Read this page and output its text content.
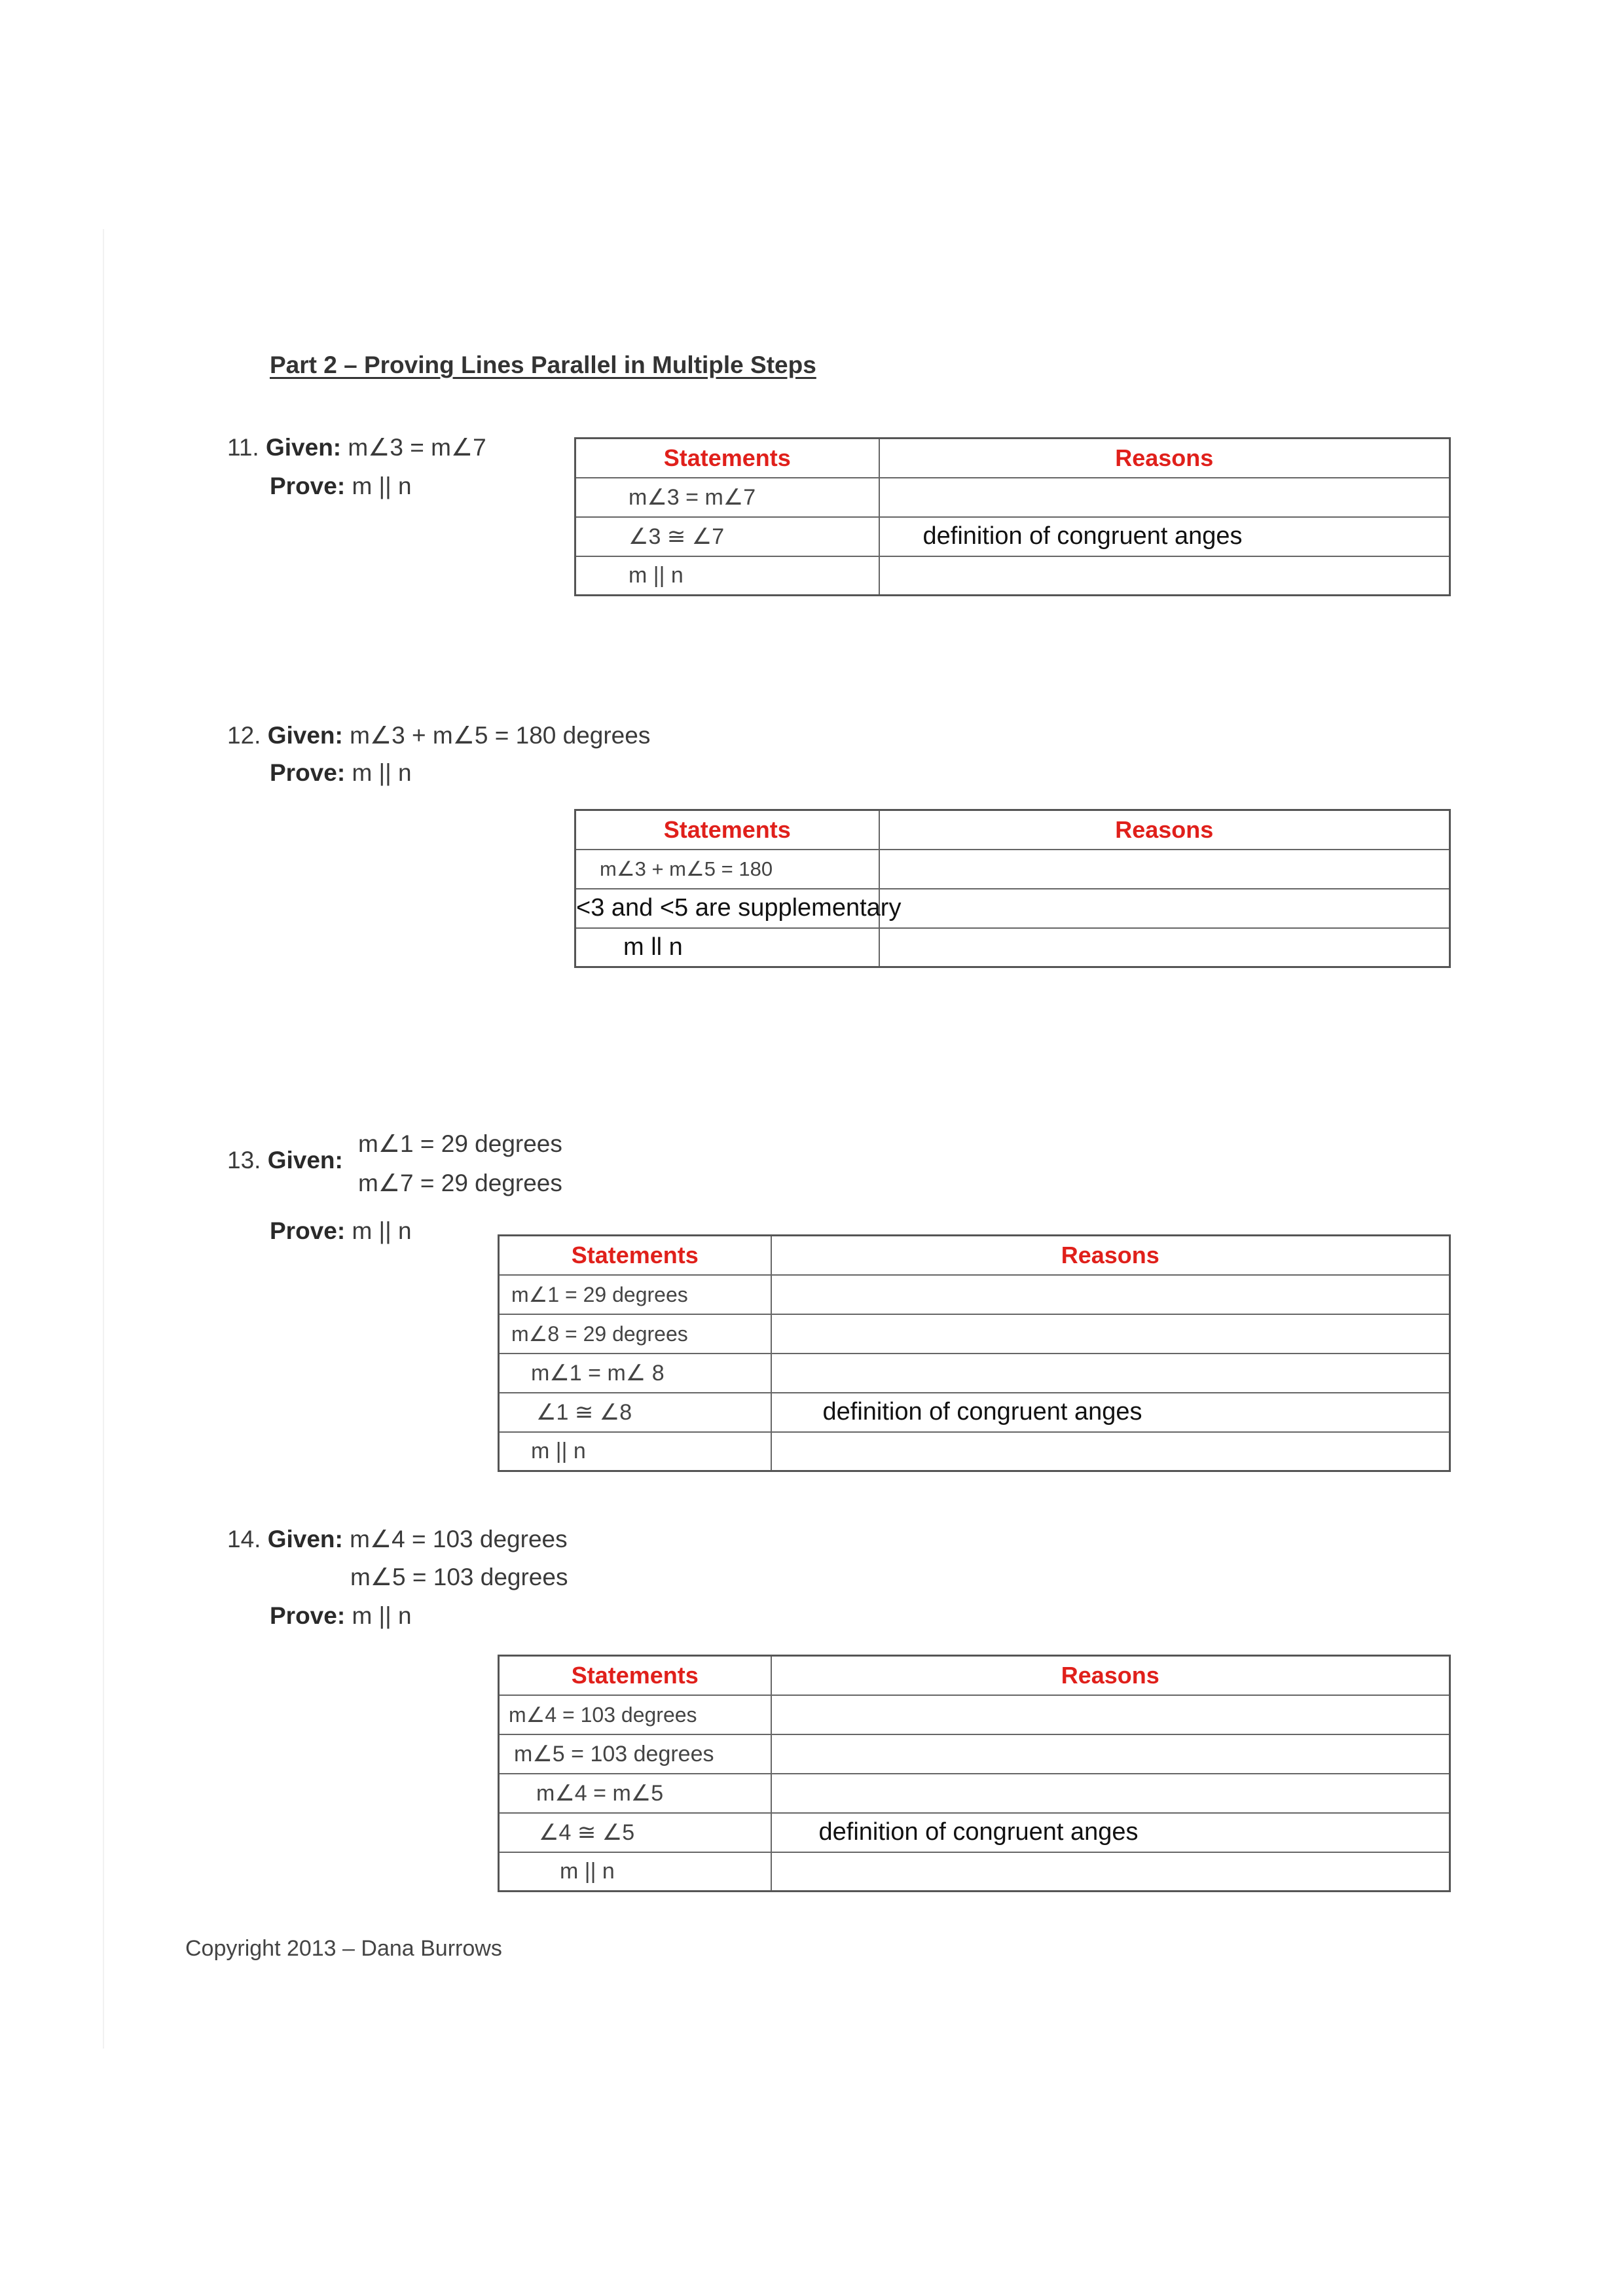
Part 2 – Proving Lines Parallel in Multiple Steps
11. Given: m∠3 = m∠7
Prove: m || n
Statements	Reasons
m∠3 = m∠7	
∠3 ≅ ∠7	definition of congruent anges
m || n	
12. Given: m∠3 + m∠5 = 180 degrees
Prove: m || n
Statements	Reasons
m∠3 + m∠5 = 180	
<3 and <5 are supplementary	
m ll n	
13. Given:
m∠1 = 29 degrees
m∠7 = 29 degrees
Prove: m || n
Statements	Reasons
m∠1 = 29 degrees	
m∠8 = 29 degrees	
m∠1 = m∠ 8	
∠1 ≅ ∠8	definition of congruent anges
m || n	
14. Given: m∠4 = 103 degrees
m∠5 = 103 degrees
Prove: m || n
Statements	Reasons
m∠4 = 103 degrees	
m∠5 = 103 degrees	
m∠4 = m∠5	
∠4 ≅ ∠5	definition of congruent anges
m || n	
Copyright 2013 – Dana Burrows
